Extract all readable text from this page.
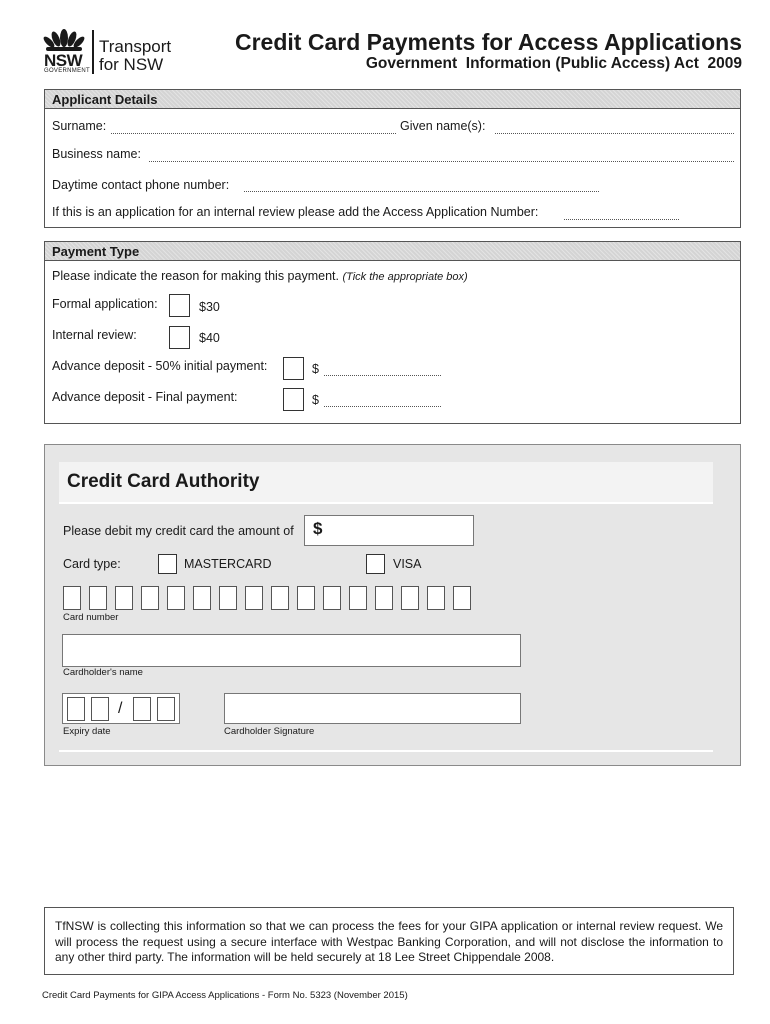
NSW
GOVERNMENT
Transport
for NSW
Credit Card Payments for Access Applications
Government  Information (Public Access) Act  2009
Applicant Details
Surname:	Given name(s):
Business name:
Daytime contact phone number:
If this is an application for an internal review please add the Access Application Number:
Payment Type
Please indicate the reason for making this payment. (Tick the appropriate box)
Formal application:	$30
Internal review:	$40
Advance deposit - 50% initial payment:	$
Advance deposit - Final payment:	$
Credit Card Authority
Please debit my credit card the amount of $
Card type:	MASTERCARD	VISA
Card number
Cardholder's name
/
Expiry date	Cardholder Signature
TfNSW is collecting this information so that we can process the fees for your GIPA application or internal review request. We will process the request using a secure interface with Westpac Banking Corporation, and will not disclose the information to any other third party. The information will be held securely at 18 Lee Street Chippendale 2008.
Credit Card Payments for GIPA Access Applications - Form No. 5323 (November 2015)
